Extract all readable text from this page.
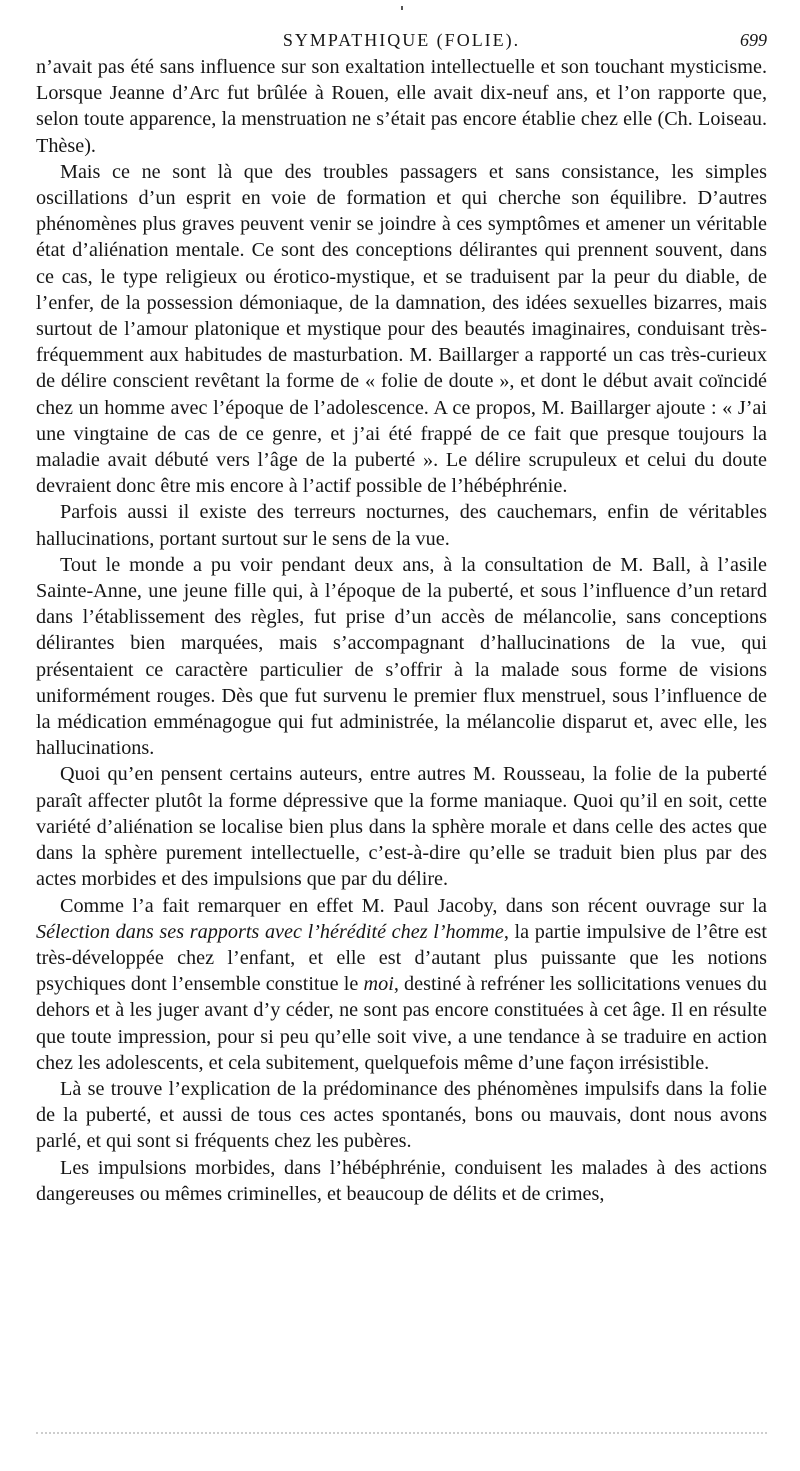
SYMPATHIQUE (FOLIE).	699

n’avait pas été sans influence sur son exaltation intellectuelle et son touchant mysticisme. Lorsque Jeanne d’Arc fut brûlée à Rouen, elle avait dix-neuf ans, et l’on rapporte que, selon toute apparence, la menstruation ne s’était pas encore établie chez elle (Ch. Loiseau. Thèse).

Mais ce ne sont là que des troubles passagers et sans consistance, les simples oscillations d’un esprit en voie de formation et qui cherche son équilibre. D’autres phénomènes plus graves peuvent venir se joindre à ces symptômes et amener un véritable état d’aliénation mentale. Ce sont des conceptions délirantes qui prennent souvent, dans ce cas, le type religieux ou érotico-mystique, et se traduisent par la peur du diable, de l’enfer, de la possession démoniaque, de la damnation, des idées sexuelles bizarres, mais surtout de l’amour platonique et mystique pour des beautés imaginaires, conduisant très-fréquemment aux habitudes de masturbation. M. Baillarger a rapporté un cas très-curieux de délire conscient revêtant la forme de « folie de doute », et dont le début avait coïncidé chez un homme avec l’époque de l’adolescence. A ce propos, M. Baillarger ajoute : « J’ai une vingtaine de cas de ce genre, et j’ai été frappé de ce fait que presque toujours la maladie avait débuté vers l’âge de la puberté ». Le délire scrupuleux et celui du doute devraient donc être mis encore à l’actif possible de l’hébéphrénie.

Parfois aussi il existe des terreurs nocturnes, des cauchemars, enfin de véritables hallucinations, portant surtout sur le sens de la vue.

Tout le monde a pu voir pendant deux ans, à la consultation de M. Ball, à l’asile Sainte-Anne, une jeune fille qui, à l’époque de la puberté, et sous l’influence d’un retard dans l’établissement des règles, fut prise d’un accès de mélancolie, sans conceptions délirantes bien marquées, mais s’accompagnant d’hallucinations de la vue, qui présentaient ce caractère particulier de s’offrir à la malade sous forme de visions uniformément rouges. Dès que fut survenu le premier flux menstruel, sous l’influence de la médication emménagogue qui fut administrée, la mélancolie disparut et, avec elle, les hallucinations.

Quoi qu’en pensent certains auteurs, entre autres M. Rousseau, la folie de la puberté paraît affecter plutôt la forme dépressive que la forme maniaque. Quoi qu’il en soit, cette variété d’aliénation se localise bien plus dans la sphère morale et dans celle des actes que dans la sphère purement intellectuelle, c’est-à-dire qu’elle se traduit bien plus par des actes morbides et des impulsions que par du délire.

Comme l’a fait remarquer en effet M. Paul Jacoby, dans son récent ouvrage sur la Sélection dans ses rapports avec l’hérédité chez l’homme, la partie impulsive de l’être est très-développée chez l’enfant, et elle est d’autant plus puissante que les notions psychiques dont l’ensemble constitue le moi, destiné à refréner les sollicitations venues du dehors et à les juger avant d’y céder, ne sont pas encore constituées à cet âge. Il en résulte que toute impression, pour si peu qu’elle soit vive, a une tendance à se traduire en action chez les adolescents, et cela subitement, quelquefois même d’une façon irrésistible.

Là se trouve l’explication de la prédominance des phénomènes impulsifs dans la folie de la puberté, et aussi de tous ces actes spontanés, bons ou mauvais, dont nous avons parlé, et qui sont si fréquents chez les pubères.

Les impulsions morbides, dans l’hébéphrénie, conduisent les malades à des actions dangereuses ou mêmes criminelles, et beaucoup de délits et de crimes,
